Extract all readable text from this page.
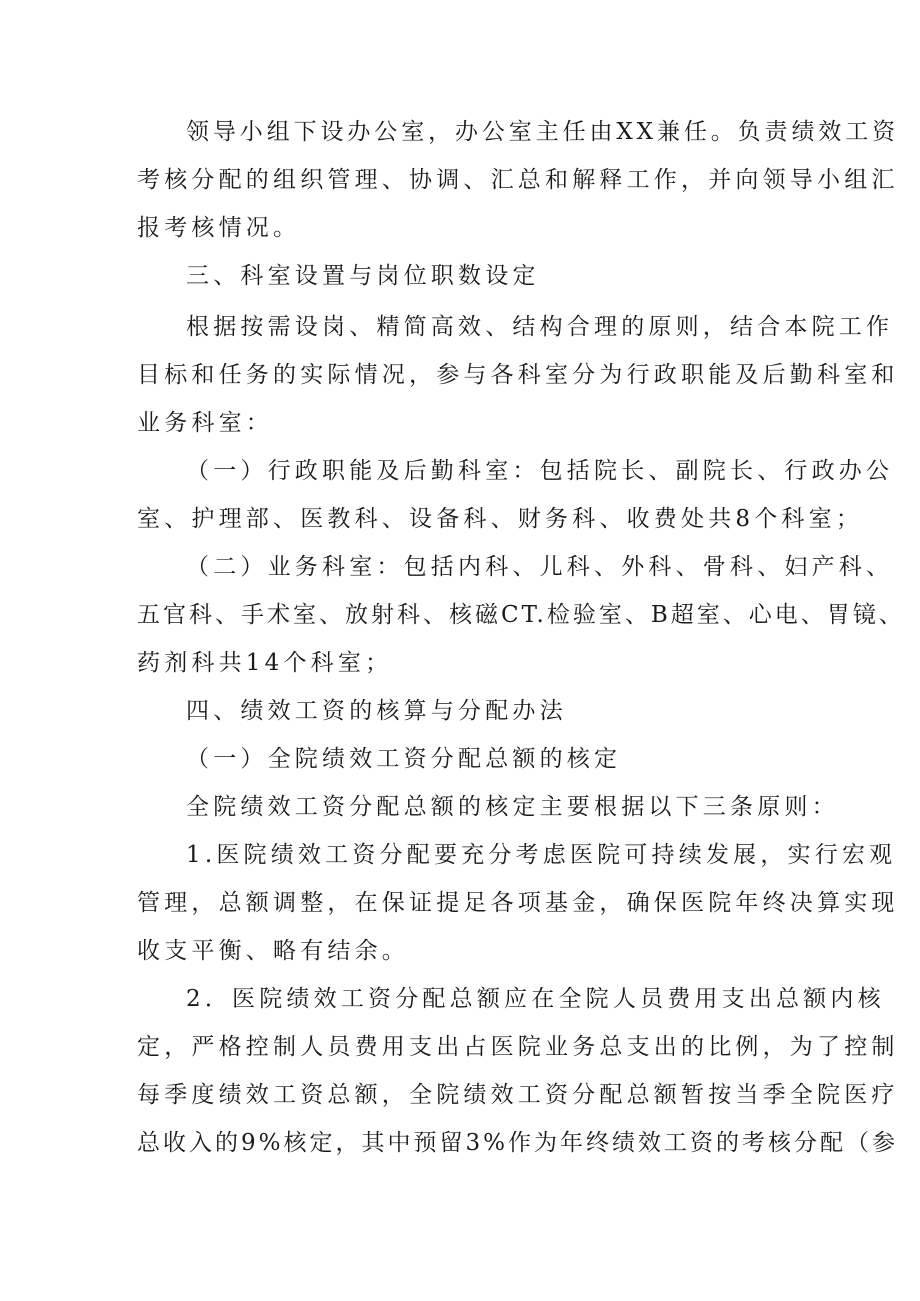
领导小组下设办公室，办公室主任由XX兼任。负责绩效工资
考核分配的组织管理、协调、汇总和解释工作，并向领导小组汇
报考核情况。
三、科室设置与岗位职数设定
根据按需设岗、精简高效、结构合理的原则，结合本院工作
目标和任务的实际情况，参与各科室分为行政职能及后勤科室和
业务科室：
（一）行政职能及后勤科室：包括院长、副院长、行政办公
室、护理部、医教科、设备科、财务科、收费处共8个科室；
（二）业务科室：包括内科、儿科、外科、骨科、妇产科、
五官科、手术室、放射科、核磁CT.检验室、B超室、心电、胃镜、
药剂科共14个科室；
四、绩效工资的核算与分配办法
（一）全院绩效工资分配总额的核定
全院绩效工资分配总额的核定主要根据以下三条原则：
1.医院绩效工资分配要充分考虑医院可持续发展，实行宏观
管理，总额调整，在保证提足各项基金，确保医院年终决算实现
收支平衡、略有结余。
2．医院绩效工资分配总额应在全院人员费用支出总额内核
定，严格控制人员费用支出占医院业务总支出的比例，为了控制
每季度绩效工资总额，全院绩效工资分配总额暂按当季全院医疗
总收入的9%核定，其中预留3%作为年终绩效工资的考核分配（参
